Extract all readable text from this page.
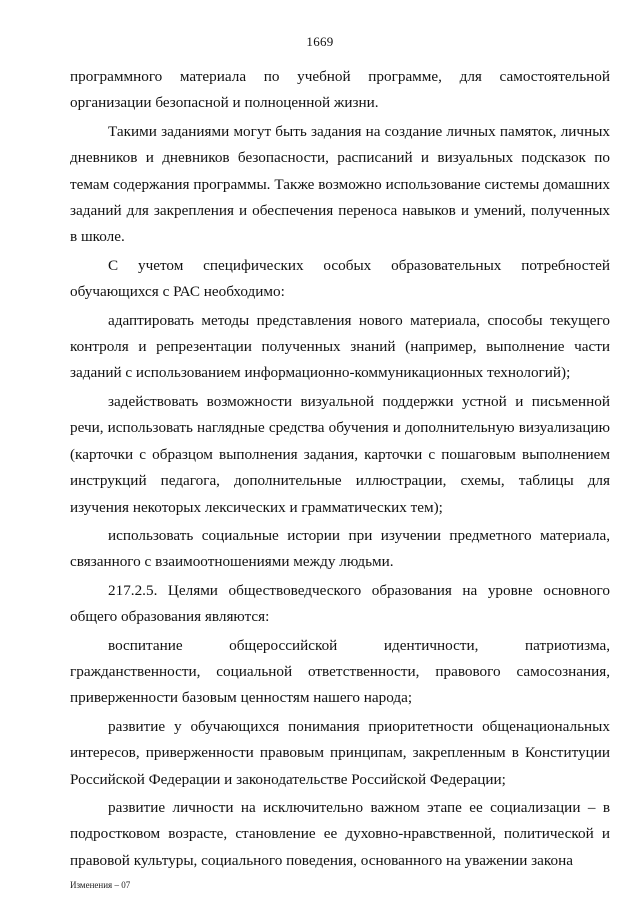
1669

программного материала по учебной программе, для самостоятельной организации безопасной и полноценной жизни.

Такими заданиями могут быть задания на создание личных памяток, личных дневников и дневников безопасности, расписаний и визуальных подсказок по темам содержания программы. Также возможно использование системы домашних заданий для закрепления и обеспечения переноса навыков и умений, полученных в школе.

С учетом специфических особых образовательных потребностей обучающихся с РАС необходимо:

адаптировать методы представления нового материала, способы текущего контроля и репрезентации полученных знаний (например, выполнение части заданий с использованием информационно-коммуникационных технологий);

задействовать возможности визуальной поддержки устной и письменной речи, использовать наглядные средства обучения и дополнительную визуализацию (карточки с образцом выполнения задания, карточки с пошаговым выполнением инструкций педагога, дополнительные иллюстрации, схемы, таблицы для изучения некоторых лексических и грамматических тем);

использовать социальные истории при изучении предметного материала, связанного с взаимоотношениями между людьми.

217.2.5. Целями обществоведческого образования на уровне основного общего образования являются:

воспитание общероссийской идентичности, патриотизма, гражданственности, социальной ответственности, правового самосознания, приверженности базовым ценностям нашего народа;

развитие у обучающихся понимания приоритетности общенациональных интересов, приверженности правовым принципам, закрепленным в Конституции Российской Федерации и законодательстве Российской Федерации;

развитие личности на исключительно важном этапе ее социализации – в подростковом возрасте, становление ее духовно-нравственной, политической и правовой культуры, социального поведения, основанного на уважении закона

Изменения – 07
